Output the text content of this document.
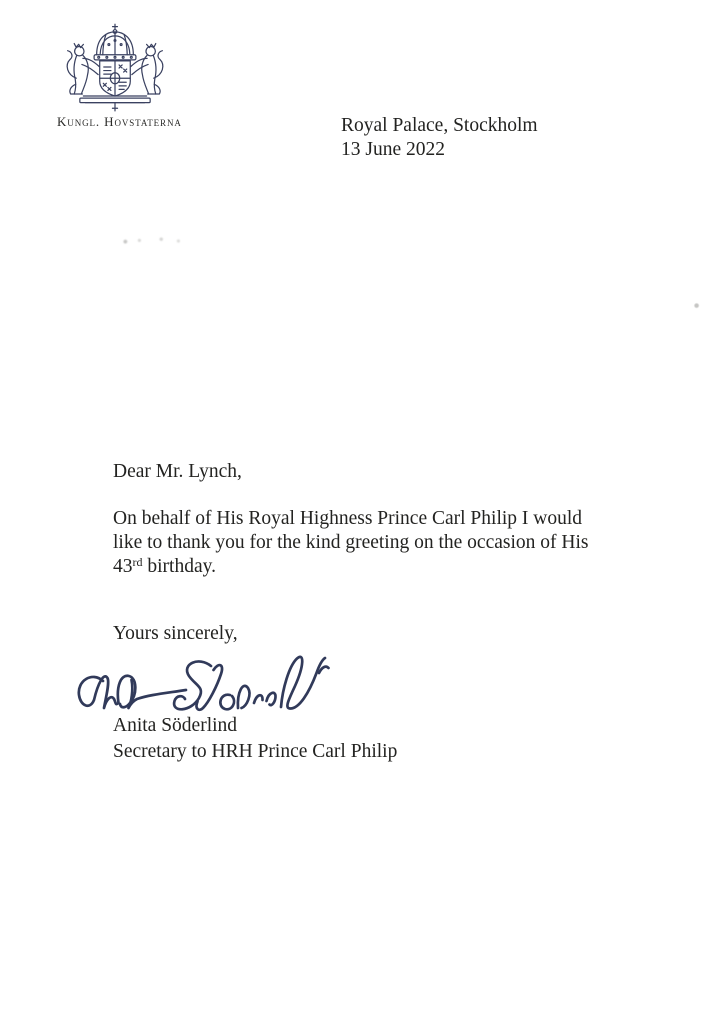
Kungl. Hovstaterna	Royal Palace, Stockholm
13 June 2022
Dear Mr. Lynch,
On behalf of His Royal Highness Prince Carl Philip I would
like to thank you for the kind greeting on the occasion of His
43rd birthday.
Yours sincerely,
Anita Söderlind
Secretary to HRH Prince Carl Philip
